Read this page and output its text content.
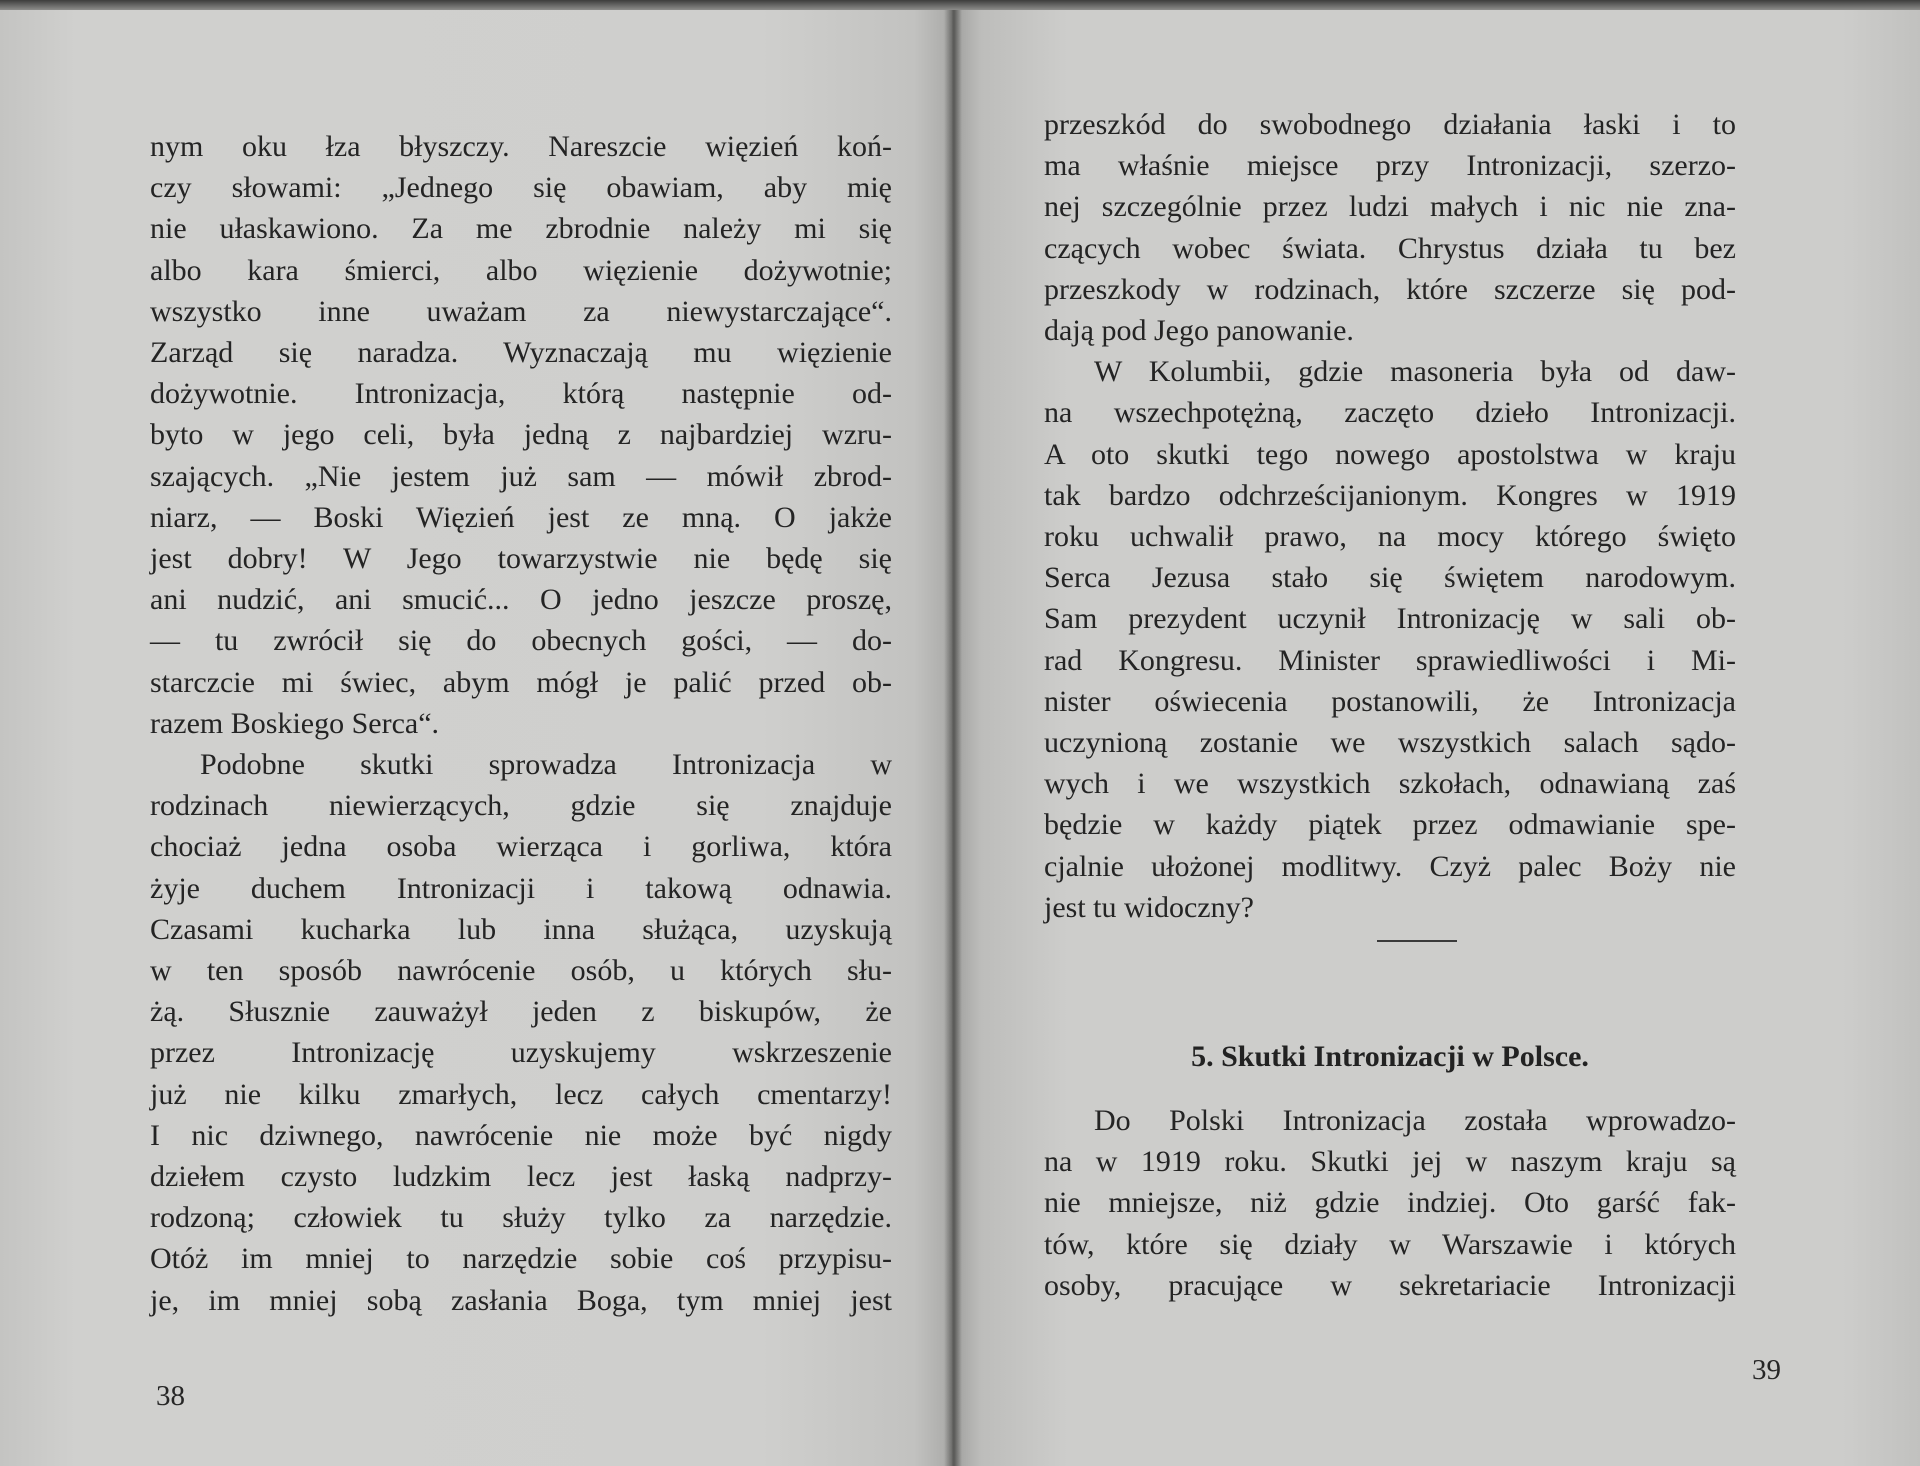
nym oku łza błyszczy. Nareszcie więzień koń-
czy słowami: „Jednego się obawiam, aby mię
nie ułaskawiono. Za me zbrodnie należy mi się
albo kara śmierci, albo więzienie dożywotnie;
wszystko inne uważam za niewystarczające“.
Zarząd się naradza. Wyznaczają mu więzienie
dożywotnie. Intronizacja, którą następnie od-
byto w jego celi, była jedną z najbardziej wzru-
szających. „Nie jestem już sam — mówił zbrod-
niarz, — Boski Więzień jest ze mną. O jakże
jest dobry! W Jego towarzystwie nie będę się
ani nudzić, ani smucić... O jedno jeszcze proszę,
— tu zwrócił się do obecnych gości, — do-
starczcie mi świec, abym mógł je palić przed ob-
razem Boskiego Serca“.

Podobne skutki sprowadza Intronizacja w
rodzinach niewierzących, gdzie się znajduje
chociaż jedna osoba wierząca i gorliwa, która
żyje duchem Intronizacji i takową odnawia.
Czasami kucharka lub inna służąca, uzyskują
w ten sposób nawrócenie osób, u których słu-
żą. Słusznie zauważył jeden z biskupów, że
przez Intronizację uzyskujemy wskrzeszenie
już nie kilku zmarłych, lecz całych cmentarzy!
I nic dziwnego, nawrócenie nie może być nigdy
dziełem czysto ludzkim lecz jest łaską nadprzy-
rodzoną; człowiek tu służy tylko za narzędzie.
Otóż im mniej to narzędzie sobie coś przypisu-
je, im mniej sobą zasłania Boga, tym mniej jest

38

przeszkód do swobodnego działania łaski i to
ma właśnie miejsce przy Intronizacji, szerzo-
nej szczególnie przez ludzi małych i nic nie zna-
czących wobec świata. Chrystus działa tu bez
przeszkody w rodzinach, które szczerze się pod-
dają pod Jego panowanie.

W Kolumbii, gdzie masoneria była od daw-
na wszechpotężną, zaczęto dzieło Intronizacji.
A oto skutki tego nowego apostolstwa w kraju
tak bardzo odchrześcijanionym. Kongres w 1919
roku uchwalił prawo, na mocy którego święto
Serca Jezusa stało się świętem narodowym.
Sam prezydent uczynił Intronizację w sali ob-
rad Kongresu. Minister sprawiedliwości i Mi-
nister oświecenia postanowili, że Intronizacja
uczynioną zostanie we wszystkich salach sądo-
wych i we wszystkich szkołach, odnawianą zaś
będzie w każdy piątek przez odmawianie spe-
cjalnie ułożonej modlitwy. Czyż palec Boży nie
jest tu widoczny?

5. Skutki Intronizacji w Polsce.

Do Polski Intronizacja została wprowadzo-
na w 1919 roku. Skutki jej w naszym kraju są
nie mniejsze, niż gdzie indziej. Oto garść fak-
tów, które się działy w Warszawie i których
osoby, pracujące w sekretariacie Intronizacji

39
